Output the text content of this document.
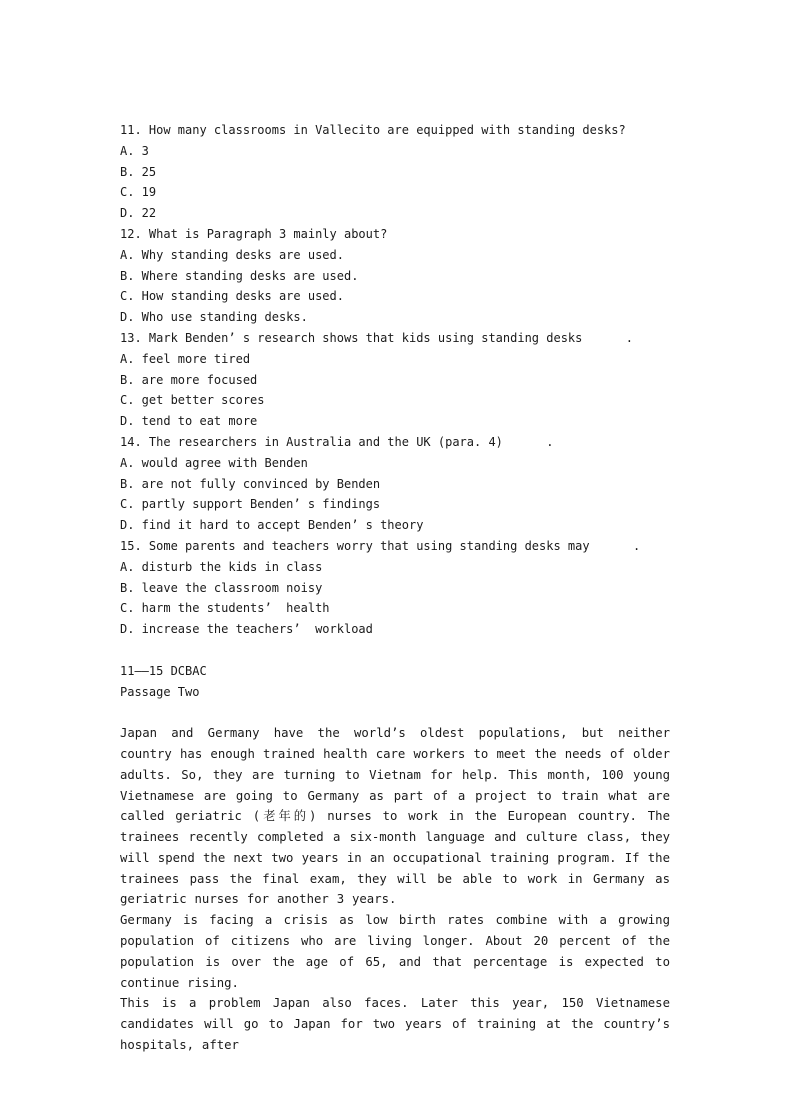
11. How many classrooms in Vallecito are equipped with standing desks?
A. 3
B. 25
C. 19
D. 22
12. What is Paragraph 3 mainly about?
A. Why standing desks are used.
B. Where standing desks are used.
C. How standing desks are used.
D. Who use standing desks.
13. Mark Benden’ s research shows that kids using standing desks      .
A. feel more tired
B. are more focused
C. get better scores
D. tend to eat more
14. The researchers in Australia and the UK (para. 4)      .
A. would agree with Benden
B. are not fully convinced by Benden
C. partly support Benden’ s findings
D. find it hard to accept Benden’ s theory
15. Some parents and teachers worry that using standing desks may      .
A. disturb the kids in class
B. leave the classroom noisy
C. harm the students’  health
D. increase the teachers’  workload
11——15 DCBAC
Passage Two

Japan and Germany have the world’s oldest populations, but neither country has enough trained health care workers to meet the needs of older adults. So, they are turning to Vietnam for help. This month, 100 young Vietnamese are going to Germany as part of a project to train what are called geriatric (老年的) nurses to work in the European country. The trainees recently completed a six-month language and culture class, they will spend the next two years in an occupational training program. If the trainees pass the final exam, they will be able to work in Germany as geriatric nurses for another 3 years.

Germany is facing a crisis as low birth rates combine with a growing population of citizens who are living longer. About 20 percent of the population is over the age of 65, and that percentage is expected to continue rising.

This is a problem Japan also faces. Later this year, 150 Vietnamese candidates will go to Japan for two years of training at the country’s hospitals, after
